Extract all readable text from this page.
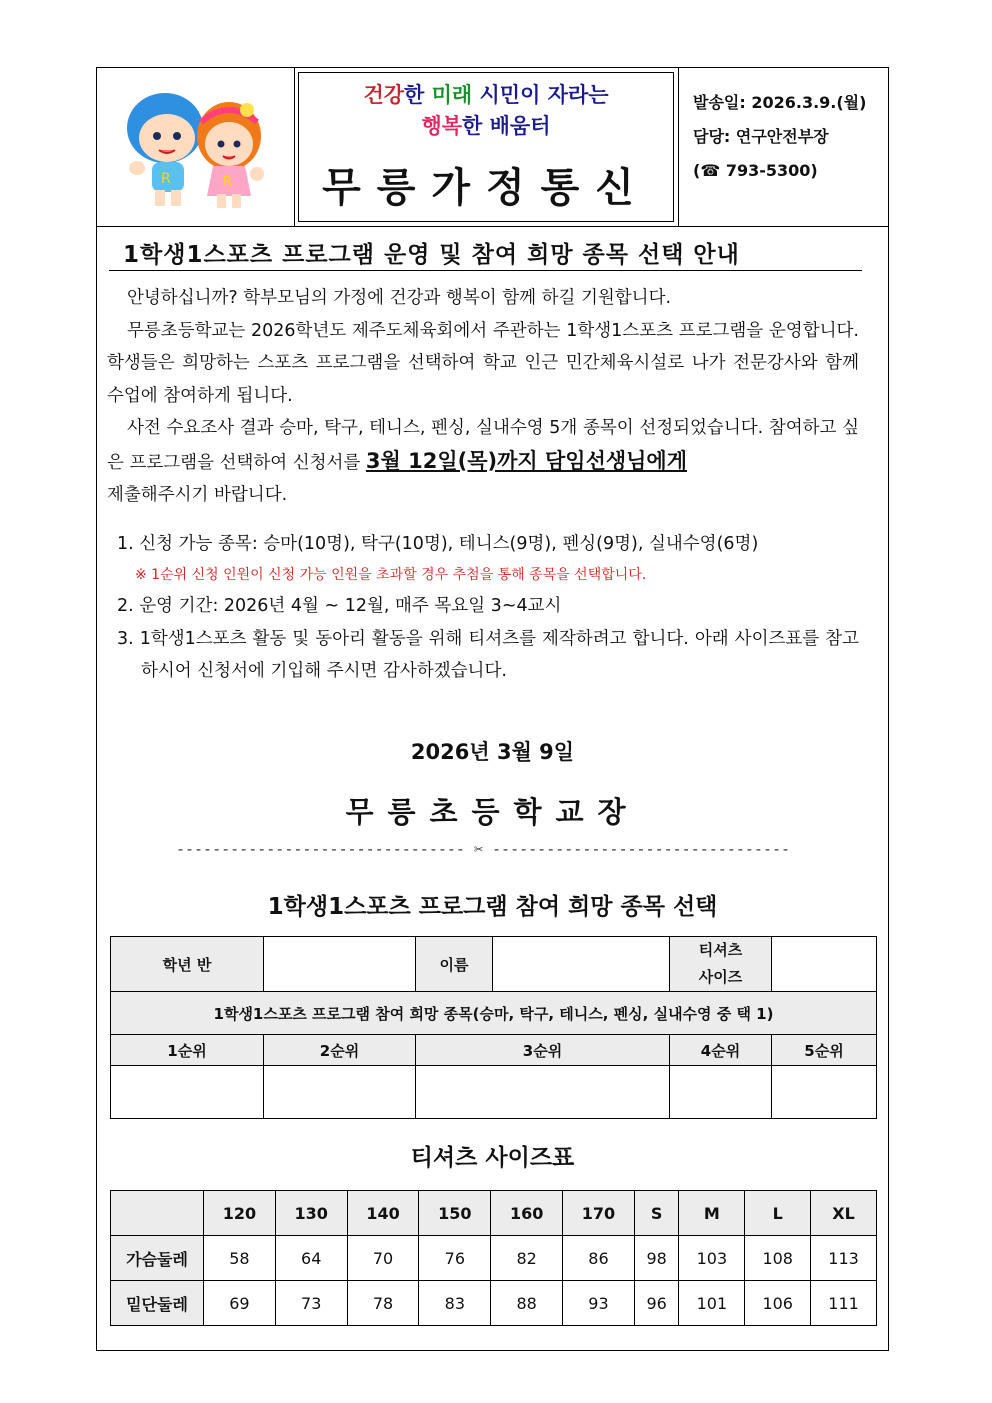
R	R
건강한 미래 시민이 자라는
행복한 배움터
무릉가정통신
발송일: 2026.3.9.(월)
담당: 연구안전부장
(☎ 793-5300)
1학생1스포츠 프로그램 운영 및 참여 희망 종목 선택 안내

안녕하십니까? 학부모님의 가정에 건강과 행복이 함께 하길 기원합니다.

무릉초등학교는 2026학년도 제주도체육회에서 주관하는 1학생1스포츠 프로그램을 운영합니다. 학생들은 희망하는 스포츠 프로그램을 선택하여 학교 인근 민간체육시설로 나가 전문강사와 함께 수업에 참여하게 됩니다.

사전 수요조사 결과 승마, 탁구, 테니스, 펜싱, 실내수영 5개 종목이 선정되었습니다. 참여하고 싶은 프로그램을 선택하여 신청서를 3월 12일(목)까지 담임선생님에게
제출해주시기 바랍니다.

1. 신청 가능 종목: 승마(10명), 탁구(10명), 테니스(9명), 펜싱(9명), 실내수영(6명)

※ 1순위 신청 인원이 신청 가능 인원을 초과할 경우 추첨을 통해 종목을 선택합니다.

2. 운영 기간: 2026년 4월 ~ 12월, 매주 목요일 3~4교시

3. 1학생1스포츠 활동 및 동아리 활동을 위해 티셔츠를 제작하려고 합니다. 아래 사이즈표를 참고하시어 신청서에 기입해 주시면 감사하겠습니다.

2026년 3월 9일
무릉초등학교장
-------------------------------- ✂ ---------------------------------
1학생1스포츠 프로그램 참여 희망 종목 선택
학년 반		이름		티셔츠
사이즈	
1학생1스포츠 프로그램 참여 희망 종목(승마, 탁구, 테니스, 펜싱, 실내수영 중 택 1)					
1순위	2순위	3순위		4순위	5순위

티셔츠 사이즈표
	120	130	140	150	160	170	S	M	L	XL
가슴둘레	58	64	70	76	82	86	98	103	108	113
밑단둘레	69	73	78	83	88	93	96	101	106	111
